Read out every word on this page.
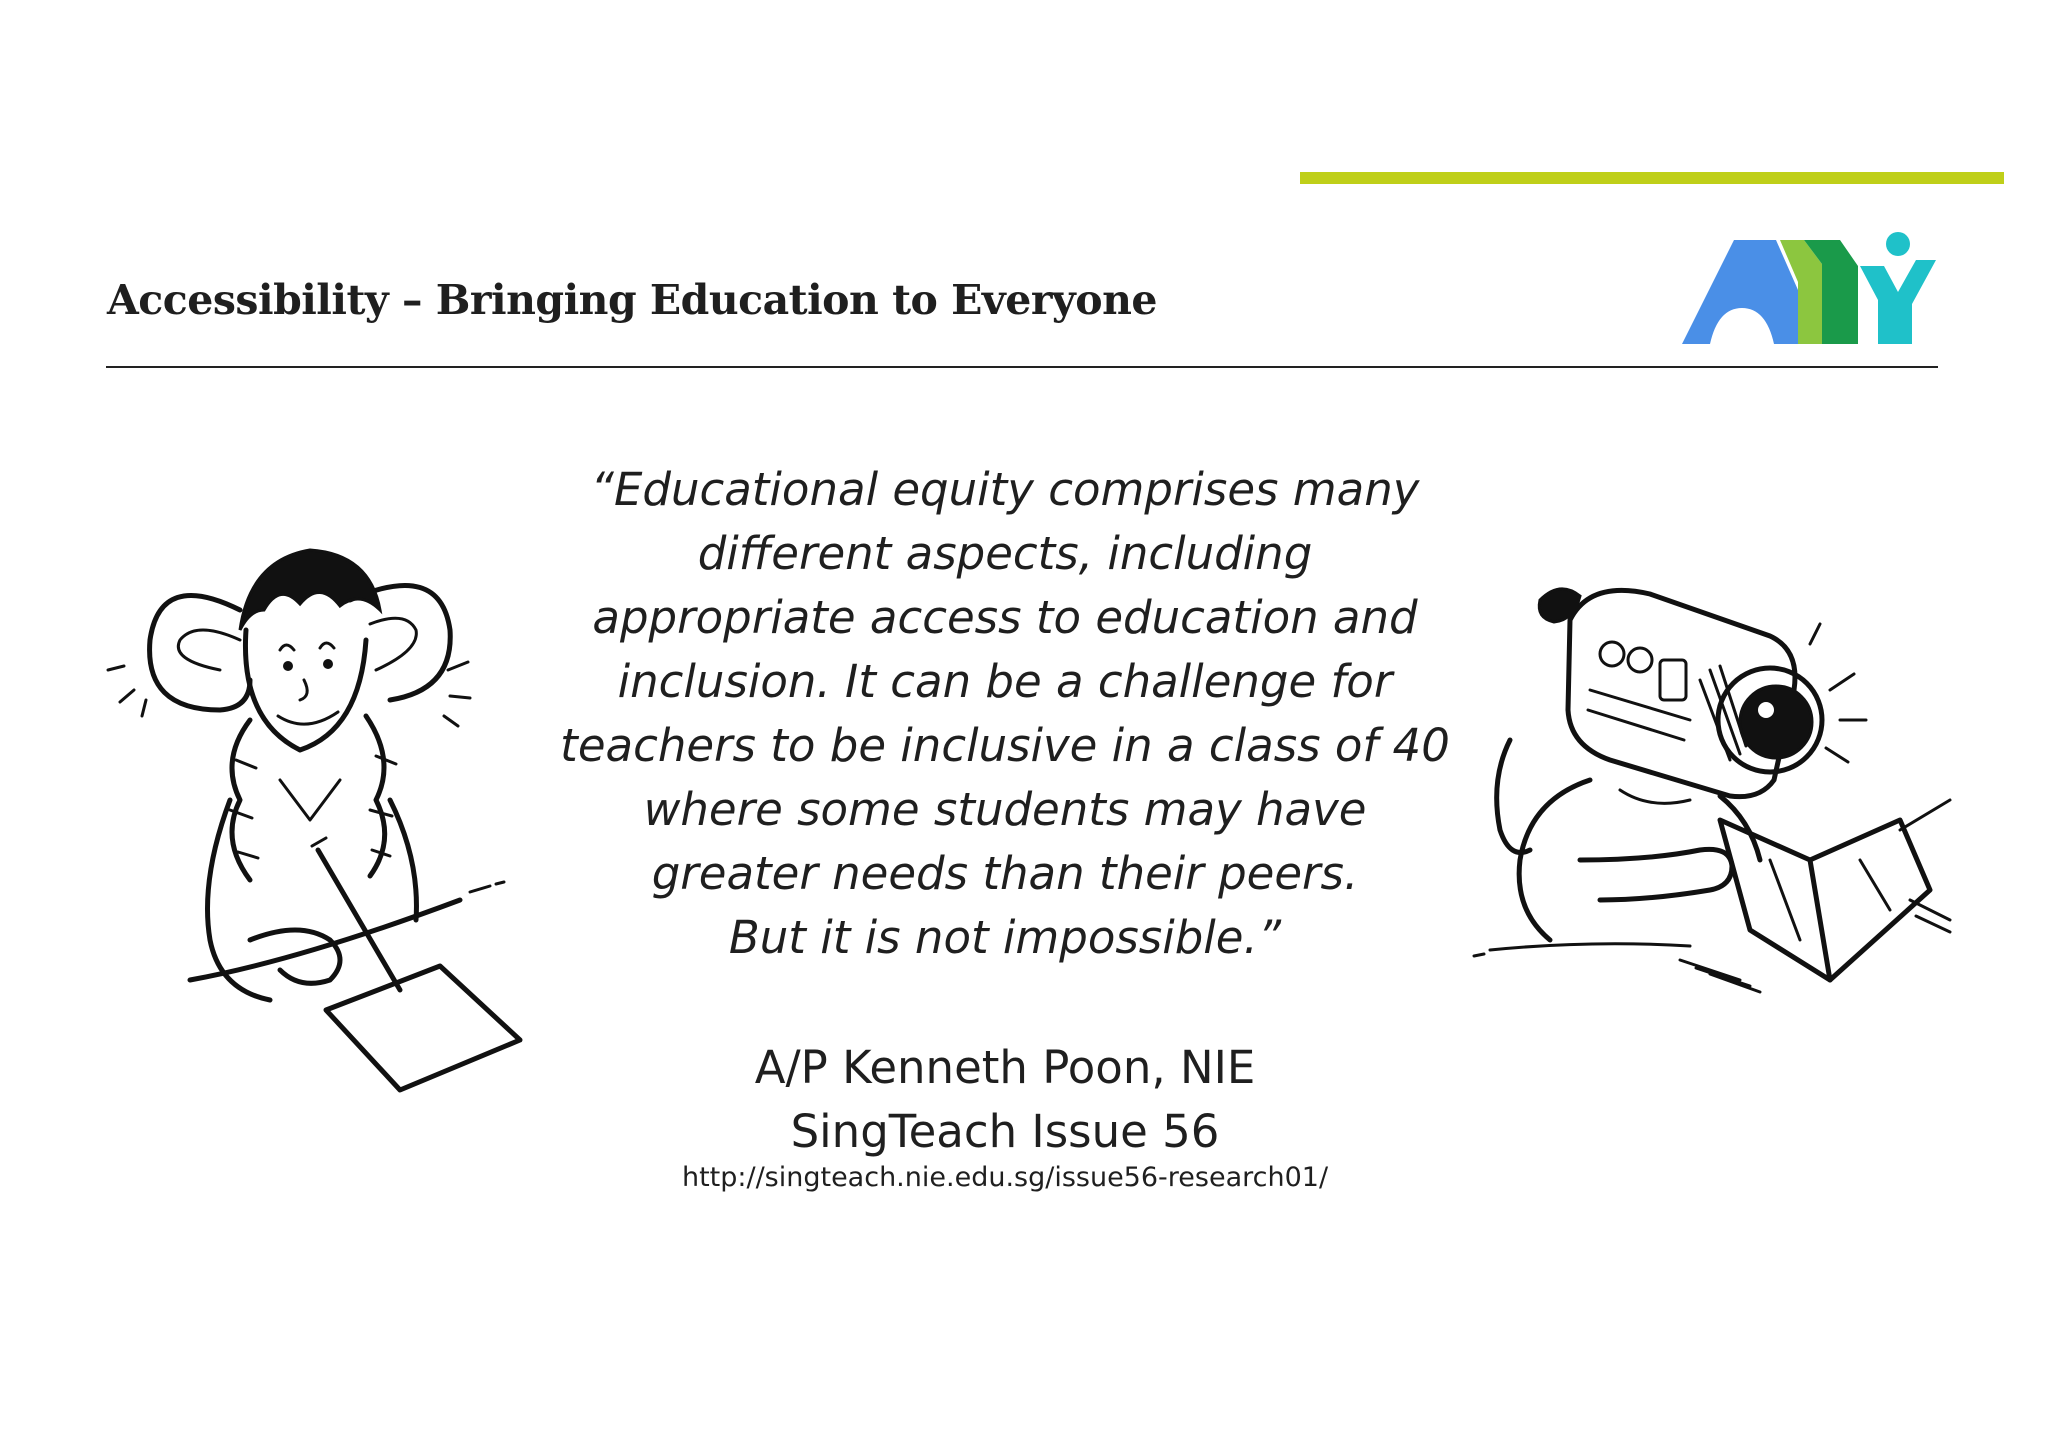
Accessibility – Bringing Education to Everyone
“Educational equity comprises many
different aspects, including
appropriate access to education and
inclusion. It can be a challenge for
teachers to be inclusive in a class of 40
where some students may have
greater needs than their peers.
But it is not impossible.”
A/P Kenneth Poon, NIE
SingTeach Issue 56
http://singteach.nie.edu.sg/issue56-research01/
